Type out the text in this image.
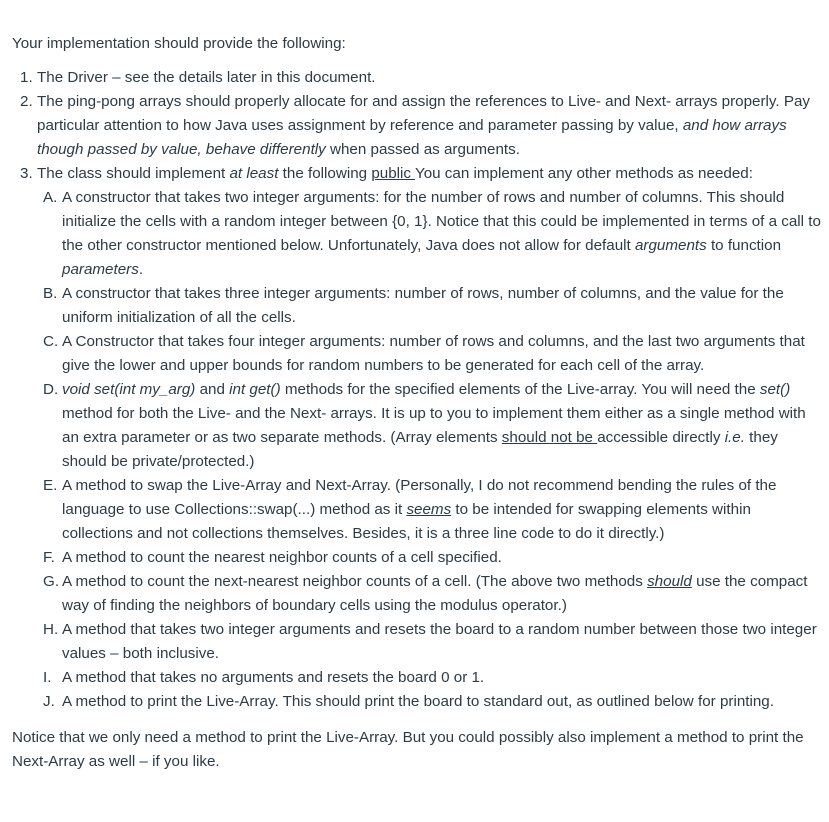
Your implementation should provide the following:

1. The Driver – see the details later in this document.
2. The ping-pong arrays should properly allocate for and assign the references to Live- and Next- arrays properly. Pay particular attention to how Java uses assignment by reference and parameter passing by value, and how arrays though passed by value, behave differently when passed as arguments.
3. The class should implement at least the following public You can implement any other methods as needed:
A. A constructor that takes two integer arguments: for the number of rows and number of columns. This should initialize the cells with a random integer between {0, 1}. Notice that this could be implemented in terms of a call to the other constructor mentioned below. Unfortunately, Java does not allow for default arguments to function parameters.
B. A constructor that takes three integer arguments: number of rows, number of columns, and the value for the uniform initialization of all the cells.
C. A Constructor that takes four integer arguments: number of rows and columns, and the last two arguments that give the lower and upper bounds for random numbers to be generated for each cell of the array.
D. void set(int my_arg) and int get() methods for the specified elements of the Live-array. You will need the set() method for both the Live- and the Next- arrays. It is up to you to implement them either as a single method with an extra parameter or as two separate methods. (Array elements should not be accessible directly i.e. they should be private/protected.)
E. A method to swap the Live-Array and Next-Array. (Personally, I do not recommend bending the rules of the language to use Collections::swap(...) method as it seems to be intended for swapping elements within collections and not collections themselves. Besides, it is a three line code to do it directly.)
F. A method to count the nearest neighbor counts of a cell specified.
G. A method to count the next-nearest neighbor counts of a cell. (The above two methods should use the compact way of finding the neighbors of boundary cells using the modulus operator.)
H. A method that takes two integer arguments and resets the board to a random number between those two integer values – both inclusive.
I. A method that takes no arguments and resets the board 0 or 1.
J. A method to print the Live-Array. This should print the board to standard out, as outlined below for printing.

Notice that we only need a method to print the Live-Array. But you could possibly also implement a method to print the Next-Array as well – if you like.
